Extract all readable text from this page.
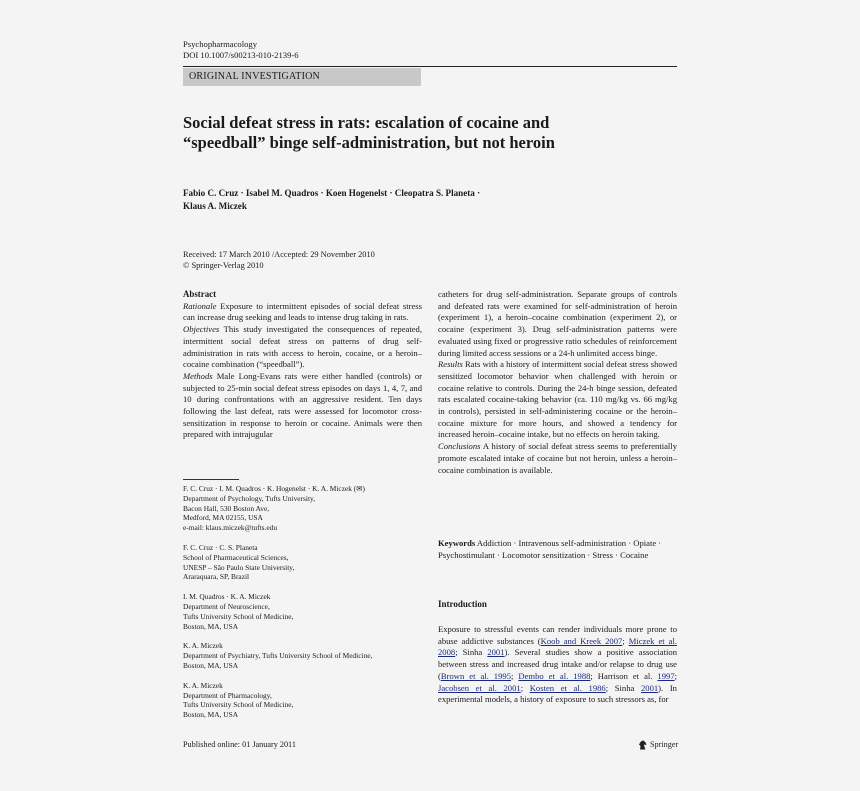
Psychopharmacology
DOI 10.1007/s00213-010-2139-6
ORIGINAL INVESTIGATION
Social defeat stress in rats: escalation of cocaine and “speedball” binge self-administration, but not heroin
Fabio C. Cruz · Isabel M. Quadros · Koen Hogenelst · Cleopatra S. Planeta · Klaus A. Miczek
Received: 17 March 2010 /Accepted: 29 November 2010
© Springer-Verlag 2010

Abstract

Rationale Exposure to intermittent episodes of social defeat stress can increase drug seeking and leads to intense drug taking in rats.

Objectives This study investigated the consequences of repeated, intermittent social defeat stress on patterns of drug self-administration in rats with access to heroin, cocaine, or a heroin–cocaine combination (“speedball”).

Methods Male Long-Evans rats were either handled (controls) or subjected to 25-min social defeat stress episodes on days 1, 4, 7, and 10 during confrontations with an aggressive resident. Ten days following the last defeat, rats were assessed for locomotor cross-sensitization in response to heroin or cocaine. Animals were then prepared with intrajugular

F. C. Cruz · I. M. Quadros · K. Hogenelst · K. A. Miczek (✉)
Department of Psychology, Tufts University,
Bacon Hall, 530 Boston Ave,
Medford, MA 02155, USA
e-mail: klaus.miczek@tufts.edu
F. C. Cruz · C. S. Planeta
School of Pharmaceutical Sciences,
UNESP – São Paulo State University,
Araraquara, SP, Brazil
I. M. Quadros · K. A. Miczek
Department of Neuroscience,
Tufts University School of Medicine,
Boston, MA, USA
K. A. Miczek
Department of Psychiatry, Tufts University School of Medicine,
Boston, MA, USA
K. A. Miczek
Department of Pharmacology,
Tufts University School of Medicine,
Boston, MA, USA

catheters for drug self-administration. Separate groups of controls and defeated rats were examined for self-administration of heroin (experiment 1), a heroin–cocaine combination (experiment 2), or cocaine (experiment 3). Drug self-administration patterns were evaluated using fixed or progressive ratio schedules of reinforcement during limited access sessions or a 24-h unlimited access binge.

Results Rats with a history of intermittent social defeat stress showed sensitized locomotor behavior when challenged with heroin or cocaine relative to controls. During the 24-h binge session, defeated rats escalated cocaine-taking behavior (ca. 110 mg/kg vs. 66 mg/kg in controls), persisted in self-administering cocaine or the heroin–cocaine mixture for more hours, and showed a tendency for increased heroin–cocaine intake, but no effects on heroin taking.

Conclusions A history of social defeat stress seems to preferentially promote escalated intake of cocaine but not heroin, unless a heroin–cocaine combination is available.

Keywords Addiction · Intravenous self-administration · Opiate · Psychostimulant · Locomotor sensitization · Stress · Cocaine
Introduction
Exposure to stressful events can render individuals more prone to abuse addictive substances (Koob and Kreek 2007; Miczek et al. 2008; Sinha 2001). Several studies show a positive association between stress and increased drug intake and/or relapse to drug use (Brown et al. 1995; Dembo et al. 1988; Harrison et al. 1997; Jacobsen et al. 2001; Kosten et al. 1986; Sinha 2001). In experimental models, a history of exposure to such stressors as, for
Published online: 01 January 2011	Springer
